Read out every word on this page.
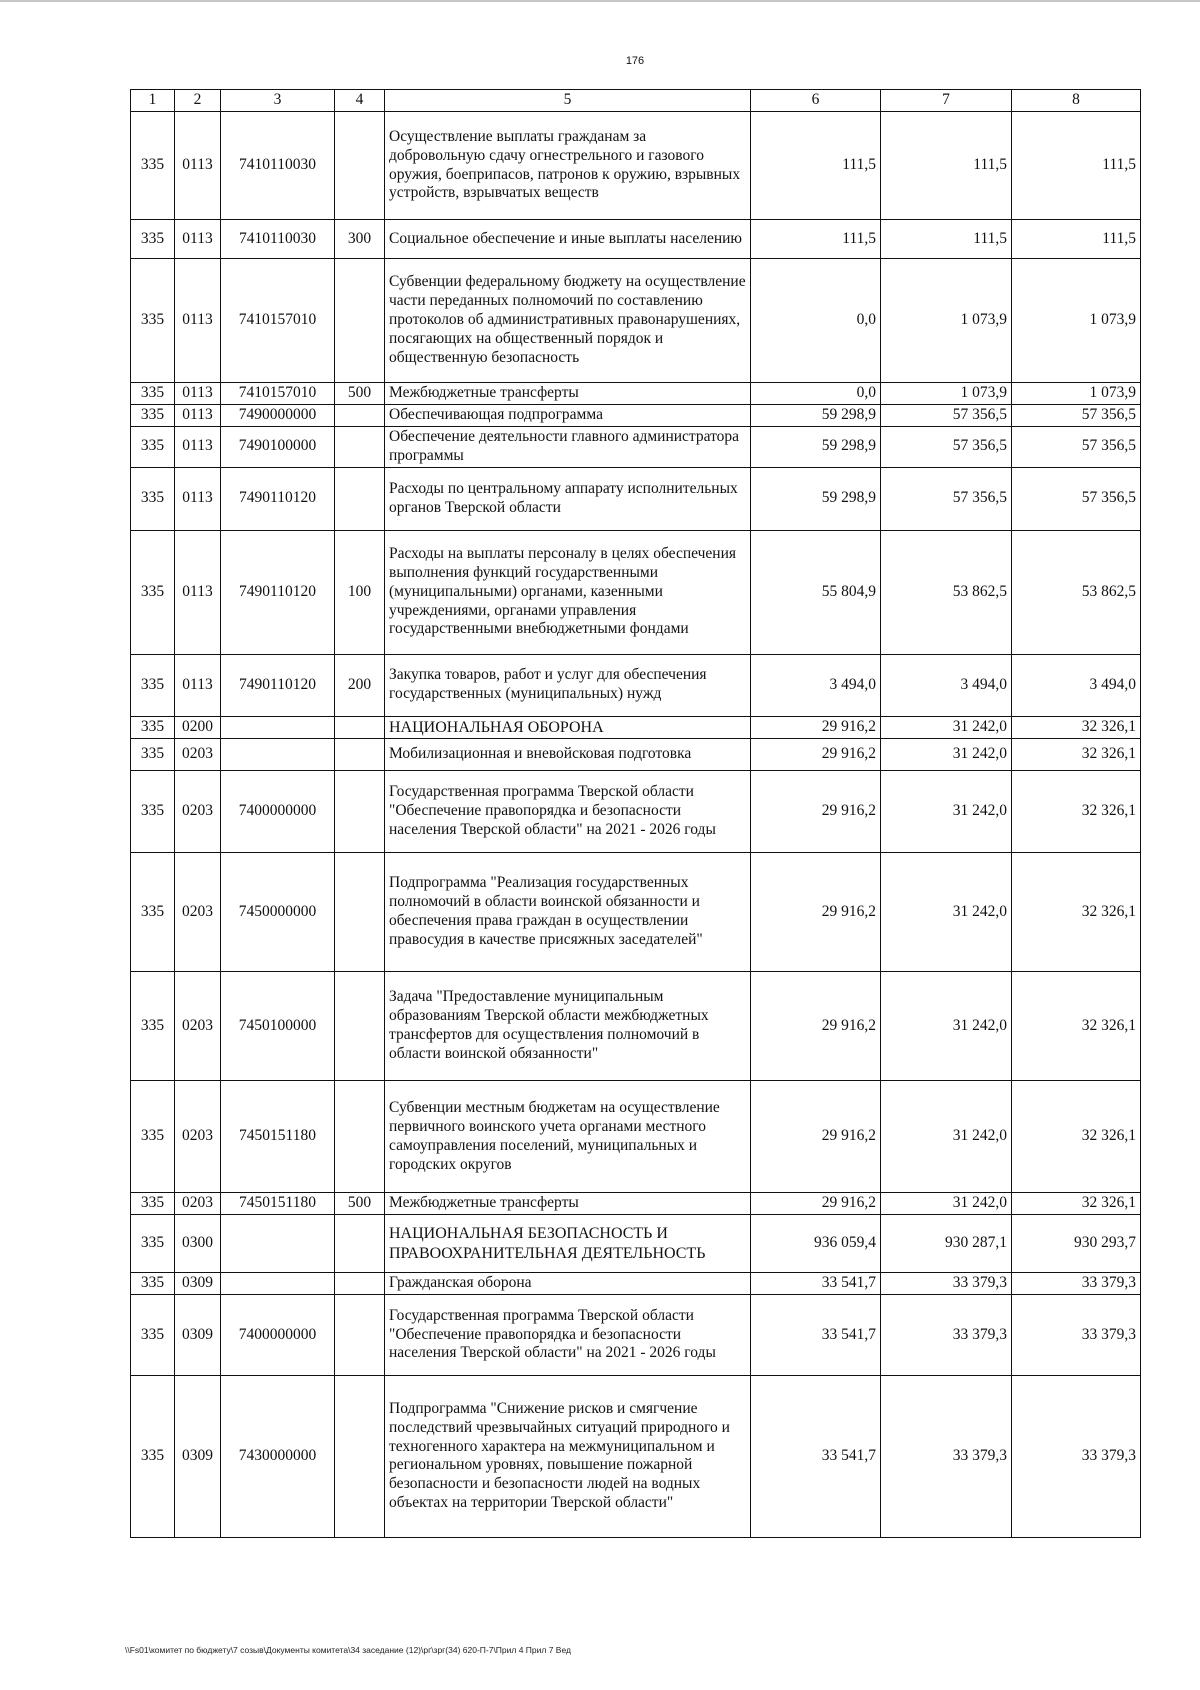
176
1	2	3	4	5	6	7	8
335	0113	7410110030		Осуществление выплаты гражданам за добровольную сдачу огнестрельного и газового оружия, боеприпасов, патронов к оружию, взрывных устройств, взрывчатых веществ	111,5	111,5	111,5
335	0113	7410110030	300	Социальное обеспечение и иные выплаты населению	111,5	111,5	111,5
335	0113	7410157010		Субвенции федеральному бюджету на осуществление части переданных полномочий по составлению протоколов об административных правонарушениях, посягающих на общественный порядок и общественную безопасность	0,0	1 073,9	1 073,9
335	0113	7410157010	500	Межбюджетные трансферты	0,0	1 073,9	1 073,9
335	0113	7490000000		Обеспечивающая подпрограмма	59 298,9	57 356,5	57 356,5
335	0113	7490100000		Обеспечение деятельности главного администратора программы	59 298,9	57 356,5	57 356,5
335	0113	7490110120		Расходы по центральному аппарату исполнительных органов Тверской области	59 298,9	57 356,5	57 356,5
335	0113	7490110120	100	Расходы на выплаты персоналу в целях обеспечения выполнения функций государственными (муниципальными) органами, казенными учреждениями, органами управления государственными внебюджетными фондами	55 804,9	53 862,5	53 862,5
335	0113	7490110120	200	Закупка товаров, работ и услуг для обеспечения государственных (муниципальных) нужд	3 494,0	3 494,0	3 494,0
335	0200			НАЦИОНАЛЬНАЯ ОБОРОНА	29 916,2	31 242,0	32 326,1
335	0203			Мобилизационная и вневойсковая подготовка	29 916,2	31 242,0	32 326,1
335	0203	7400000000		Государственная программа Тверской области "Обеспечение правопорядка и безопасности населения Тверской области" на 2021 - 2026 годы	29 916,2	31 242,0	32 326,1
335	0203	7450000000		Подпрограмма "Реализация государственных полномочий в области воинской обязанности и обеспечения права граждан в осуществлении правосудия в качестве присяжных заседателей"	29 916,2	31 242,0	32 326,1
335	0203	7450100000		Задача "Предоставление муниципальным образованиям Тверской области межбюджетных трансфертов для осуществления полномочий в области воинской обязанности"	29 916,2	31 242,0	32 326,1
335	0203	7450151180		Субвенции местным бюджетам на осуществление первичного воинского учета органами местного самоуправления поселений, муниципальных и городских округов	29 916,2	31 242,0	32 326,1
335	0203	7450151180	500	Межбюджетные трансферты	29 916,2	31 242,0	32 326,1
335	0300			НАЦИОНАЛЬНАЯ БЕЗОПАСНОСТЬ И ПРАВООХРАНИТЕЛЬНАЯ ДЕЯТЕЛЬНОСТЬ	936 059,4	930 287,1	930 293,7
335	0309			Гражданская оборона	33 541,7	33 379,3	33 379,3
335	0309	7400000000		Государственная программа Тверской области "Обеспечение правопорядка и безопасности населения Тверской области" на 2021 - 2026 годы	33 541,7	33 379,3	33 379,3
335	0309	7430000000		Подпрограмма "Снижение рисков и смягчение последствий чрезвычайных ситуаций природного и техногенного характера на межмуниципальном и региональном уровнях, повышение пожарной безопасности и безопасности людей на водных объектах на территории Тверской области"	33 541,7	33 379,3	33 379,3
\\Fs01\комитет по бюджету\7 созыв\Документы комитета\34 заседание (12)\рг\зрг(34) 620-П-7\Прил 4 Прил 7 Вед
